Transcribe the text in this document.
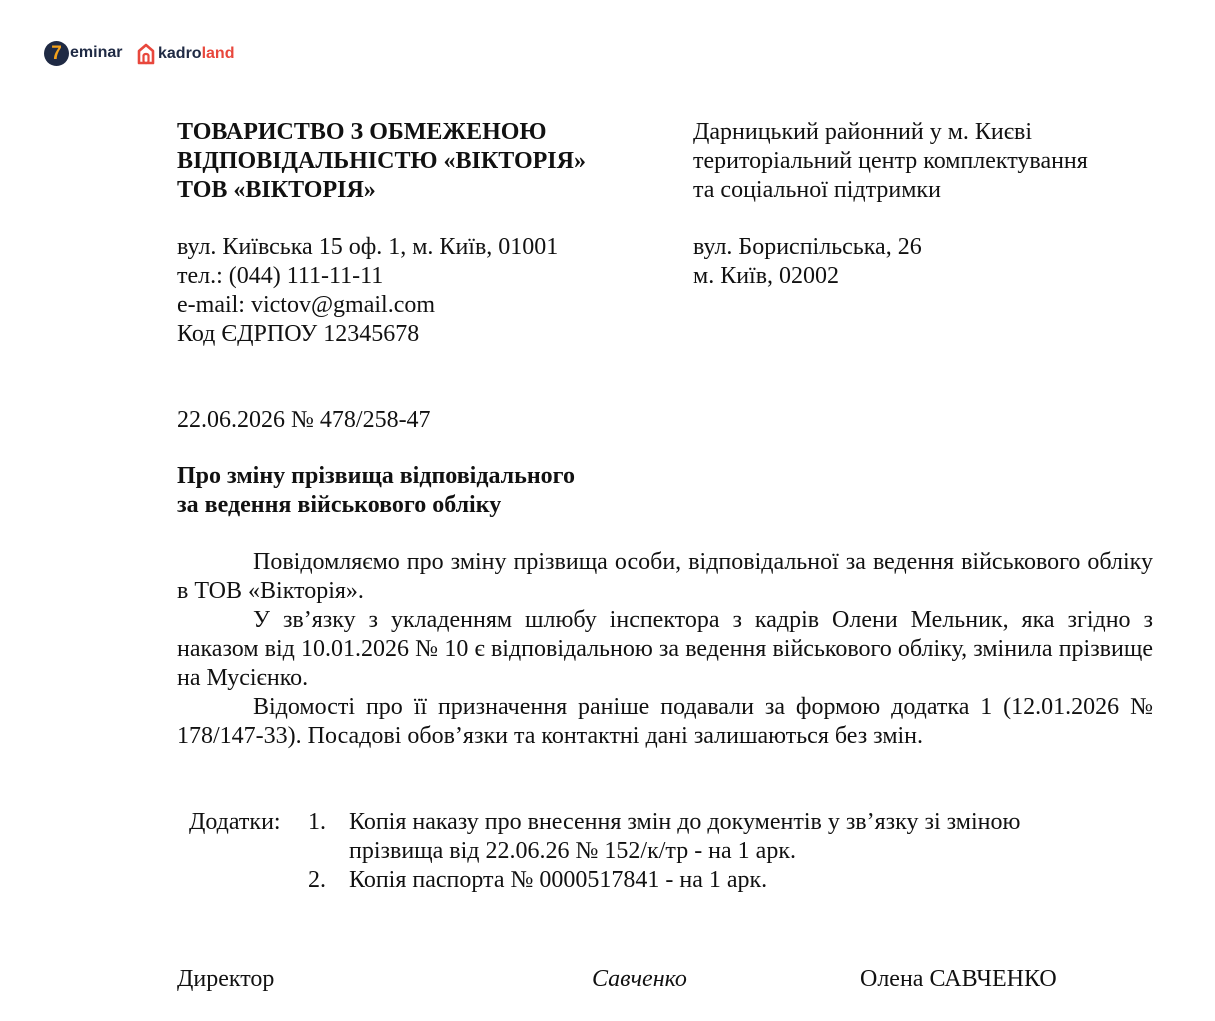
7 eminar kadroland
ТОВАРИСТВО З ОБМЕЖЕНОЮ
ВІДПОВІДАЛЬНІСТЮ «ВІКТОРІЯ»
ТОВ «ВІКТОРІЯ»
вул. Київська 15 оф. 1, м. Київ, 01001
тел.: (044) 111-11-11
e-mail: victov@gmail.com
Код ЄДРПОУ 12345678
Дарницький районний у м. Києві
територіальний центр комплектування
та соціальної підтримки
вул. Бориспільська, 26
м. Київ, 02002
22.06.2026 № 478/258-47
Про зміну прізвища відповідального
за ведення військового обліку

Повідомляємо про зміну прізвища особи, відповідальної за ведення військового обліку в ТОВ «Вікторія».

У зв’язку з укладенням шлюбу інспектора з кадрів Олени Мельник, яка згідно з наказом від 10.01.2026 № 10 є відповідальною за ведення військового обліку, змінила прізвище на Мусієнко.

Відомості про її призначення раніше подавали за формою додатка 1 (12.01.2026 № 178/147-33). Посадові обов’язки та контактні дані залишаються без змін.

Додатки: 1. Копія наказу про внесення змін до документів у зв’язку зі зміною
прізвища від 22.06.26 № 152/к/тр - на 1 арк.
2. Копія паспорта № 0000517841 - на 1 арк.
Директор	Савченко	Олена САВЧЕНКО
